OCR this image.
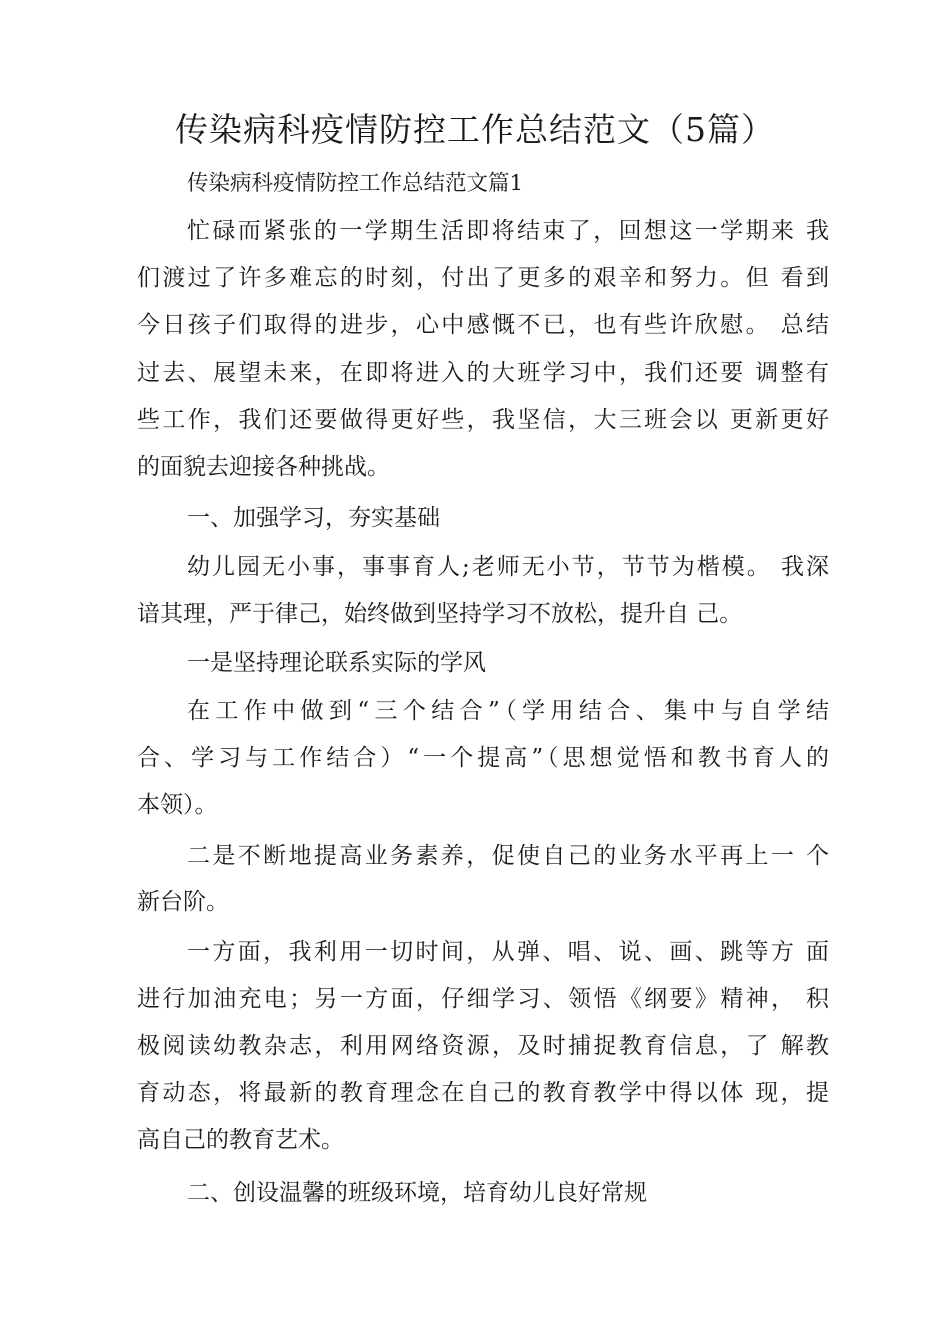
传染病科疫情防控工作总结范文（5篇）
传染病科疫情防控工作总结范文篇1
忙碌而紧张的一学期生活即将结束了，回想这一学期来 我
们渡过了许多难忘的时刻，付出了更多的艰辛和努力。但 看到
今日孩子们取得的进步，心中感慨不已，也有些许欣慰。 总结
过去、展望未来，在即将进入的大班学习中，我们还要 调整有
些工作，我们还要做得更好些，我坚信，大三班会以 更新更好
的面貌去迎接各种挑战。
一、加强学习，夯实基础
幼儿园无小事，事事育人;老师无小节，节节为楷模。 我深
谙其理，严于律己，始终做到坚持学习不放松，提升自 己。
一是坚持理论联系实际的学风
在工作中做到“三个结合”（学用结合、集中与自学结
合、学习与工作结合）“一个提高”（思想觉悟和教书育人的
本领）。
二是不断地提高业务素养，促使自己的业务水平再上一 个
新台阶。
一方面，我利用一切时间，从弹、唱、说、画、跳等方 面
进行加油充电；另一方面，仔细学习、领悟《纲要》精神， 积
极阅读幼教杂志，利用网络资源，及时捕捉教育信息，了 解教
育动态，将最新的教育理念在自己的教育教学中得以体 现，提
高自己的教育艺术。
二、创设温馨的班级环境，培育幼儿良好常规
